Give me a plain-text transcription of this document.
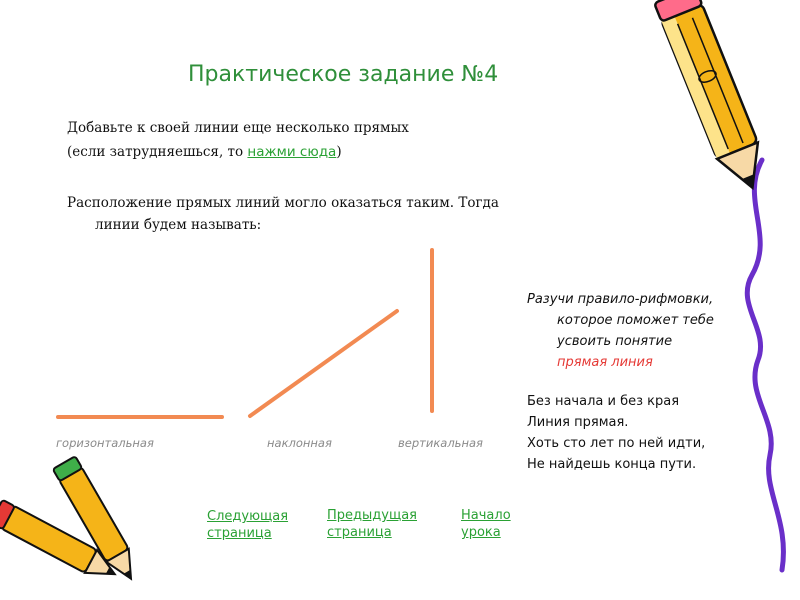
Практическое задание №4
Добавьте к своей линии еще несколько прямых
(если затрудняешься, то нажми сюда)
Расположение прямых линий могло оказаться таким. Тогда
линии будем называть:
горизонтальная	наклонная	вертикальная
Разучи правило-рифмовки,
которое поможет тебе
усвоить понятие
прямая линия
Без начала и без края
Линия прямая.
Хоть сто лет по ней идти,
Не найдешь конца пути.
Следующая
страница
Предыдущая
страница
Начало
урока
